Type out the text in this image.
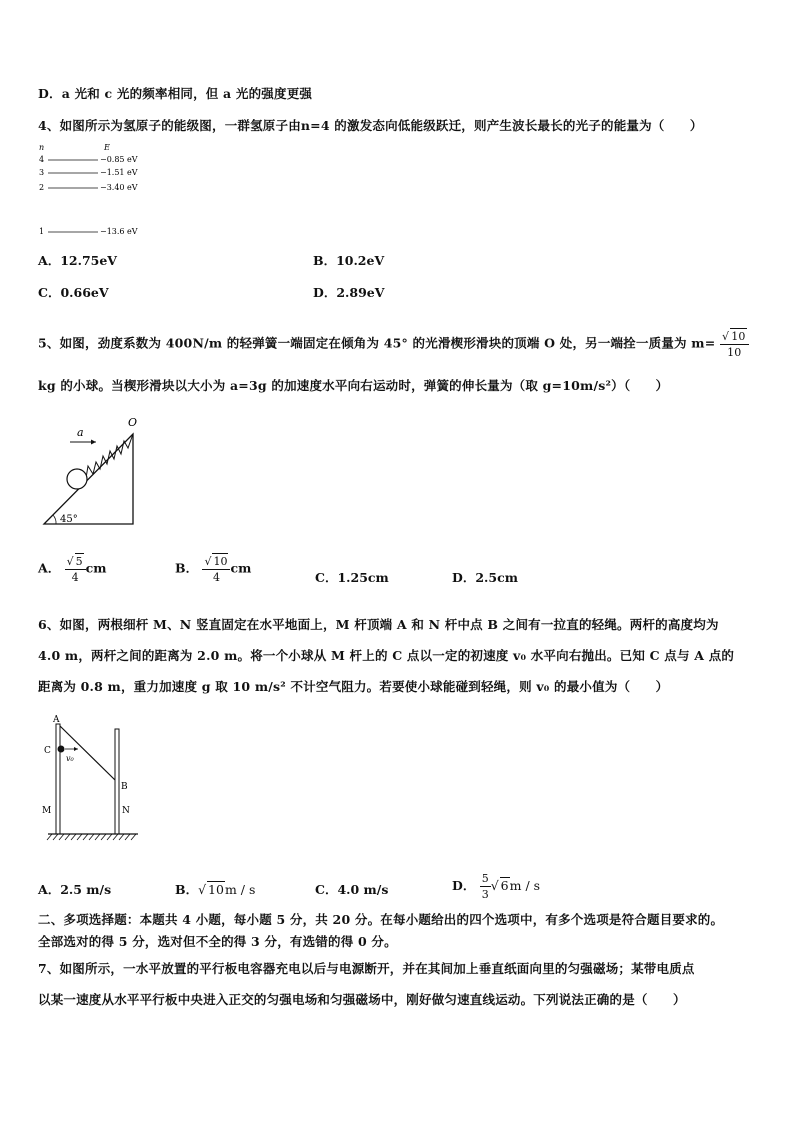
D．a 光和 c 光的频率相同，但 a 光的强度更强
4、如图所示为氢原子的能级图，一群氢原子由n=4 的激发态向低能级跃迁，则产生波长最长的光子的能量为（　　）
n	E
4	−0.85 eV
3	−1.51 eV
2	−3.40 eV
1	−13.6 eV
A．12.75eV	B．10.2eV
C．0.66eV	D．2.89eV
5、如图，劲度系数为 400N/m 的轻弹簧一端固定在倾角为 45° 的光滑楔形滑块的顶端 O 处，另一端拴一质量为 $m= \frac{√ 10}{10}$
kg 的小球。当楔形滑块以大小为 a=3g 的加速度水平向右运动时，弹簧的伸长量为（取 g=10m/s²）（　　）
O
a
45°
A． $\frac{√ 5}{4}$ cm	B． $\frac{√ 10}{4}$ cm
C．1.25cm	D．2.5cm
6、如图，两根细杆 M、N 竖直固定在水平地面上，M 杆顶端 A 和 N 杆中点 B 之间有一拉直的轻绳。两杆的高度均为
4.0 m，两杆之间的距离为 2.0 m。将一个小球从 M 杆上的 C 点以一定的初速度 v₀ 水平向右抛出。已知 C 点与 A 点的
距离为 0.8 m，重力加速度 g 取 10 m/s² 不计空气阻力。若要使小球能碰到轻绳，则 v₀ 的最小值为（　　）
A
C
v₀
B
M	N
A．2.5 m/s	B．√ 10m / s	C．4.0 m/s	D． $\frac{5}{3}$ √ 6m / s
二、多项选择题：本题共 4 小题，每小题 5 分，共 20 分。在每小题给出的四个选项中，有多个选项是符合题目要求的。
全部选对的得 5 分，选对但不全的得 3 分，有选错的得 0 分。
7、如图所示，一水平放置的平行板电容器充电以后与电源断开，并在其间加上垂直纸面向里的匀强磁场；某带电质点
以某一速度从水平平行板中央进入正交的匀强电场和匀强磁场中，刚好做匀速直线运动。下列说法正确的是（　　）
